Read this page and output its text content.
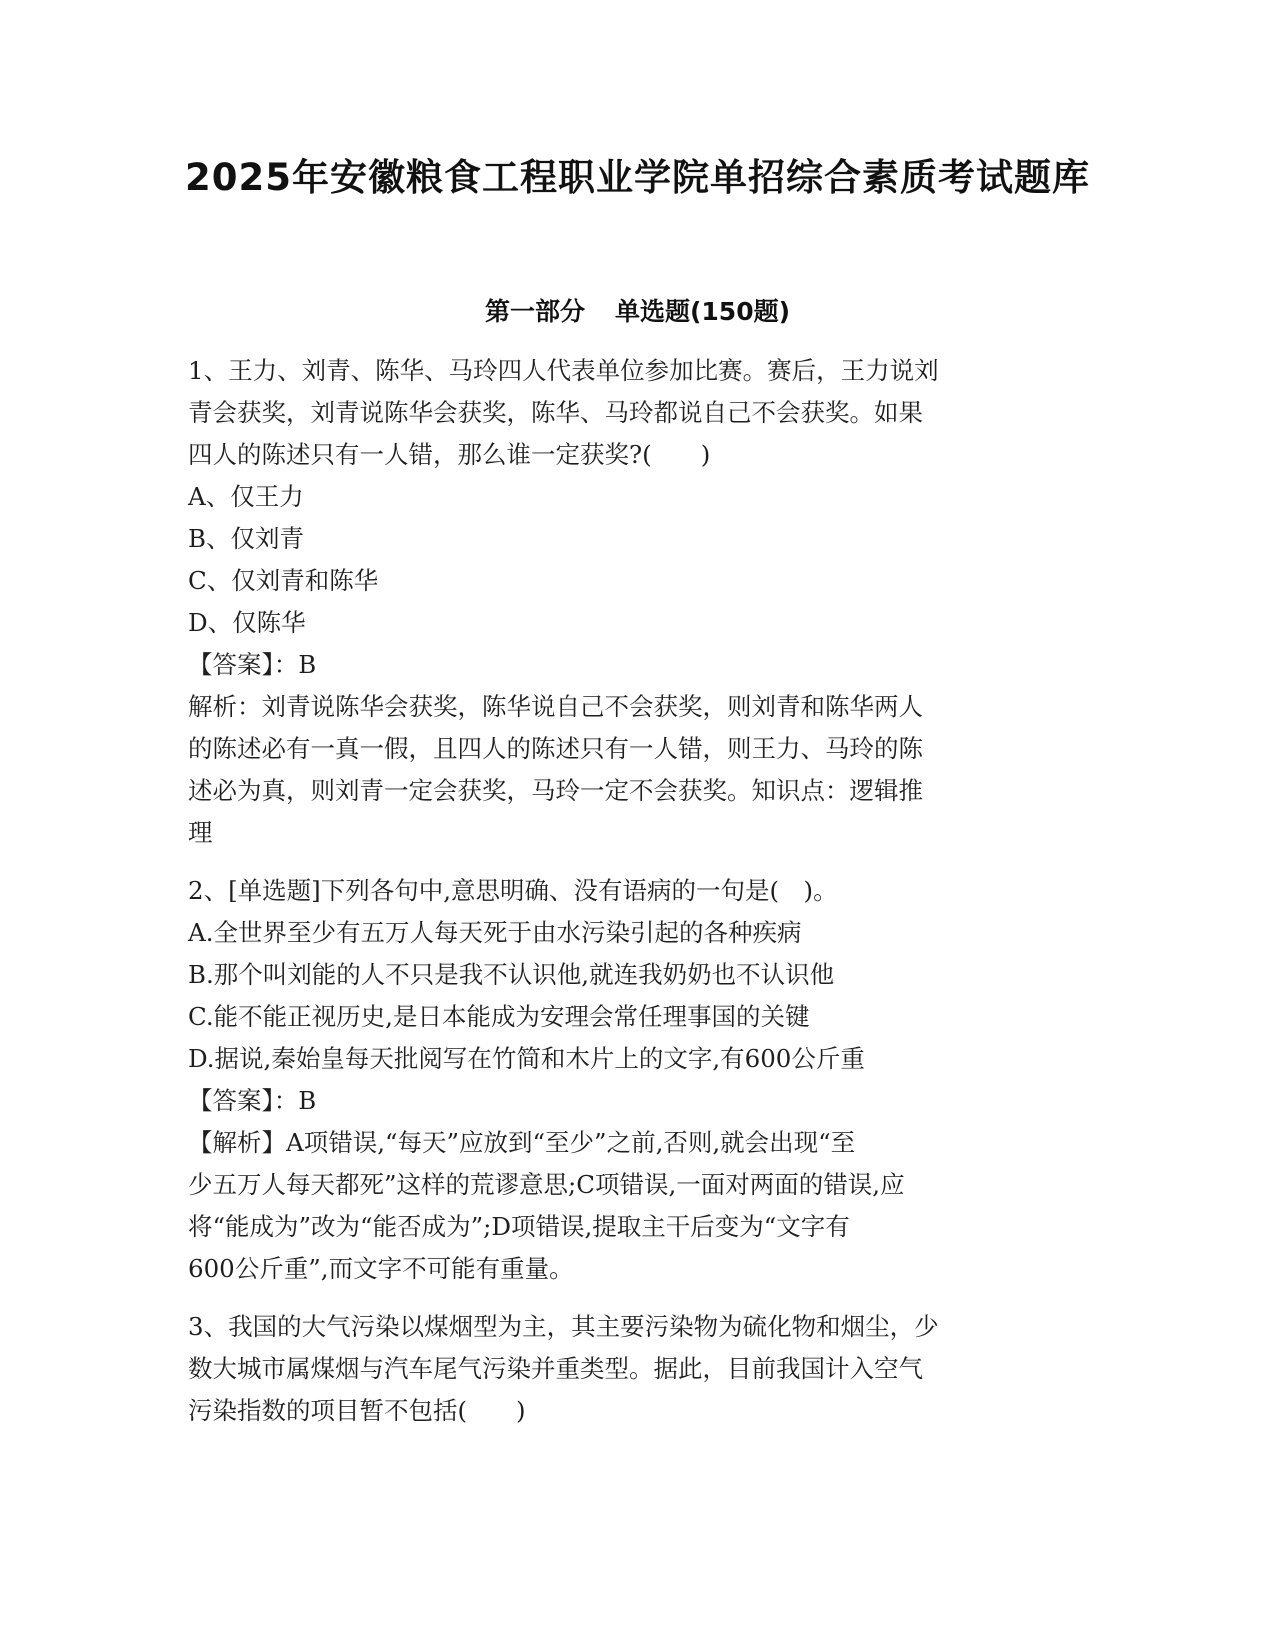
2025年安徽粮食工程职业学院单招综合素质考试题库
第一部分 单选题(150题)
1、王力、刘青、陈华、马玲四人代表单位参加比赛。赛后，王力说刘
青会获奖，刘青说陈华会获奖，陈华、马玲都说自己不会获奖。如果
四人的陈述只有一人错，那么谁一定获奖?(　　)
A、仅王力
B、仅刘青
C、仅刘青和陈华
D、仅陈华
【答案】：B
解析：刘青说陈华会获奖，陈华说自己不会获奖，则刘青和陈华两人
的陈述必有一真一假，且四人的陈述只有一人错，则王力、马玲的陈
述必为真，则刘青一定会获奖，马玲一定不会获奖。知识点：逻辑推
理
2、[单选题]下列各句中,意思明确、没有语病的一句是(　)。
A.全世界至少有五万人每天死于由水污染引起的各种疾病
B.那个叫刘能的人不只是我不认识他,就连我奶奶也不认识他
C.能不能正视历史,是日本能成为安理会常任理事国的关键
D.据说,秦始皇每天批阅写在竹简和木片上的文字,有600公斤重
【答案】：B
【解析】A项错误,“每天”应放到“至少”之前,否则,就会出现“至
少五万人每天都死”这样的荒谬意思;C项错误,一面对两面的错误,应
将“能成为”改为“能否成为”;D项错误,提取主干后变为“文字有
600公斤重”,而文字不可能有重量。
3、我国的大气污染以煤烟型为主，其主要污染物为硫化物和烟尘，少
数大城市属煤烟与汽车尾气污染并重类型。据此，目前我国计入空气
污染指数的项目暂不包括(　　)
